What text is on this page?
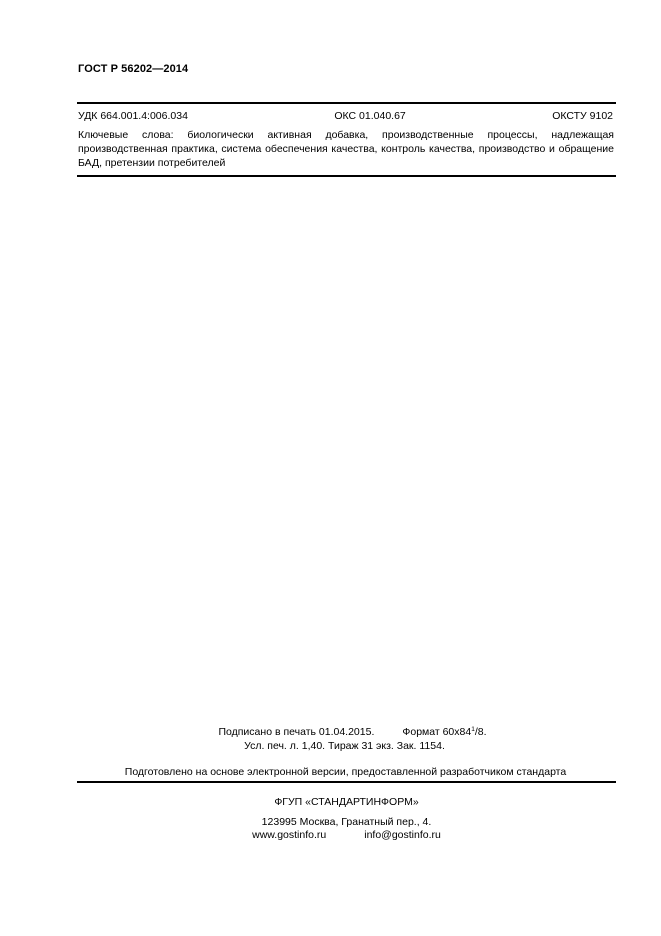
ГОСТ Р 56202—2014
УДК 664.001.4:006.034	ОКС 01.040.67	ОКСТУ 9102
Ключевые слова: биологически активная добавка, производственные процессы, надлежащая производственная практика, система обеспечения качества, контроль качества, производство и обращение БАД, претензии потребителей
Подписано в печать 01.04.2015.	Формат $60х84^1/8$.
Усл. печ. л. 1,40. Тираж 31 экз. Зак. 1154.
Подготовлено на основе электронной версии, предоставленной разработчиком стандарта
ФГУП «СТАНДАРТИНФОРМ»
123995 Москва, Гранатный пер., 4.
www.gostinfo.ru	info@gostinfo.ru
